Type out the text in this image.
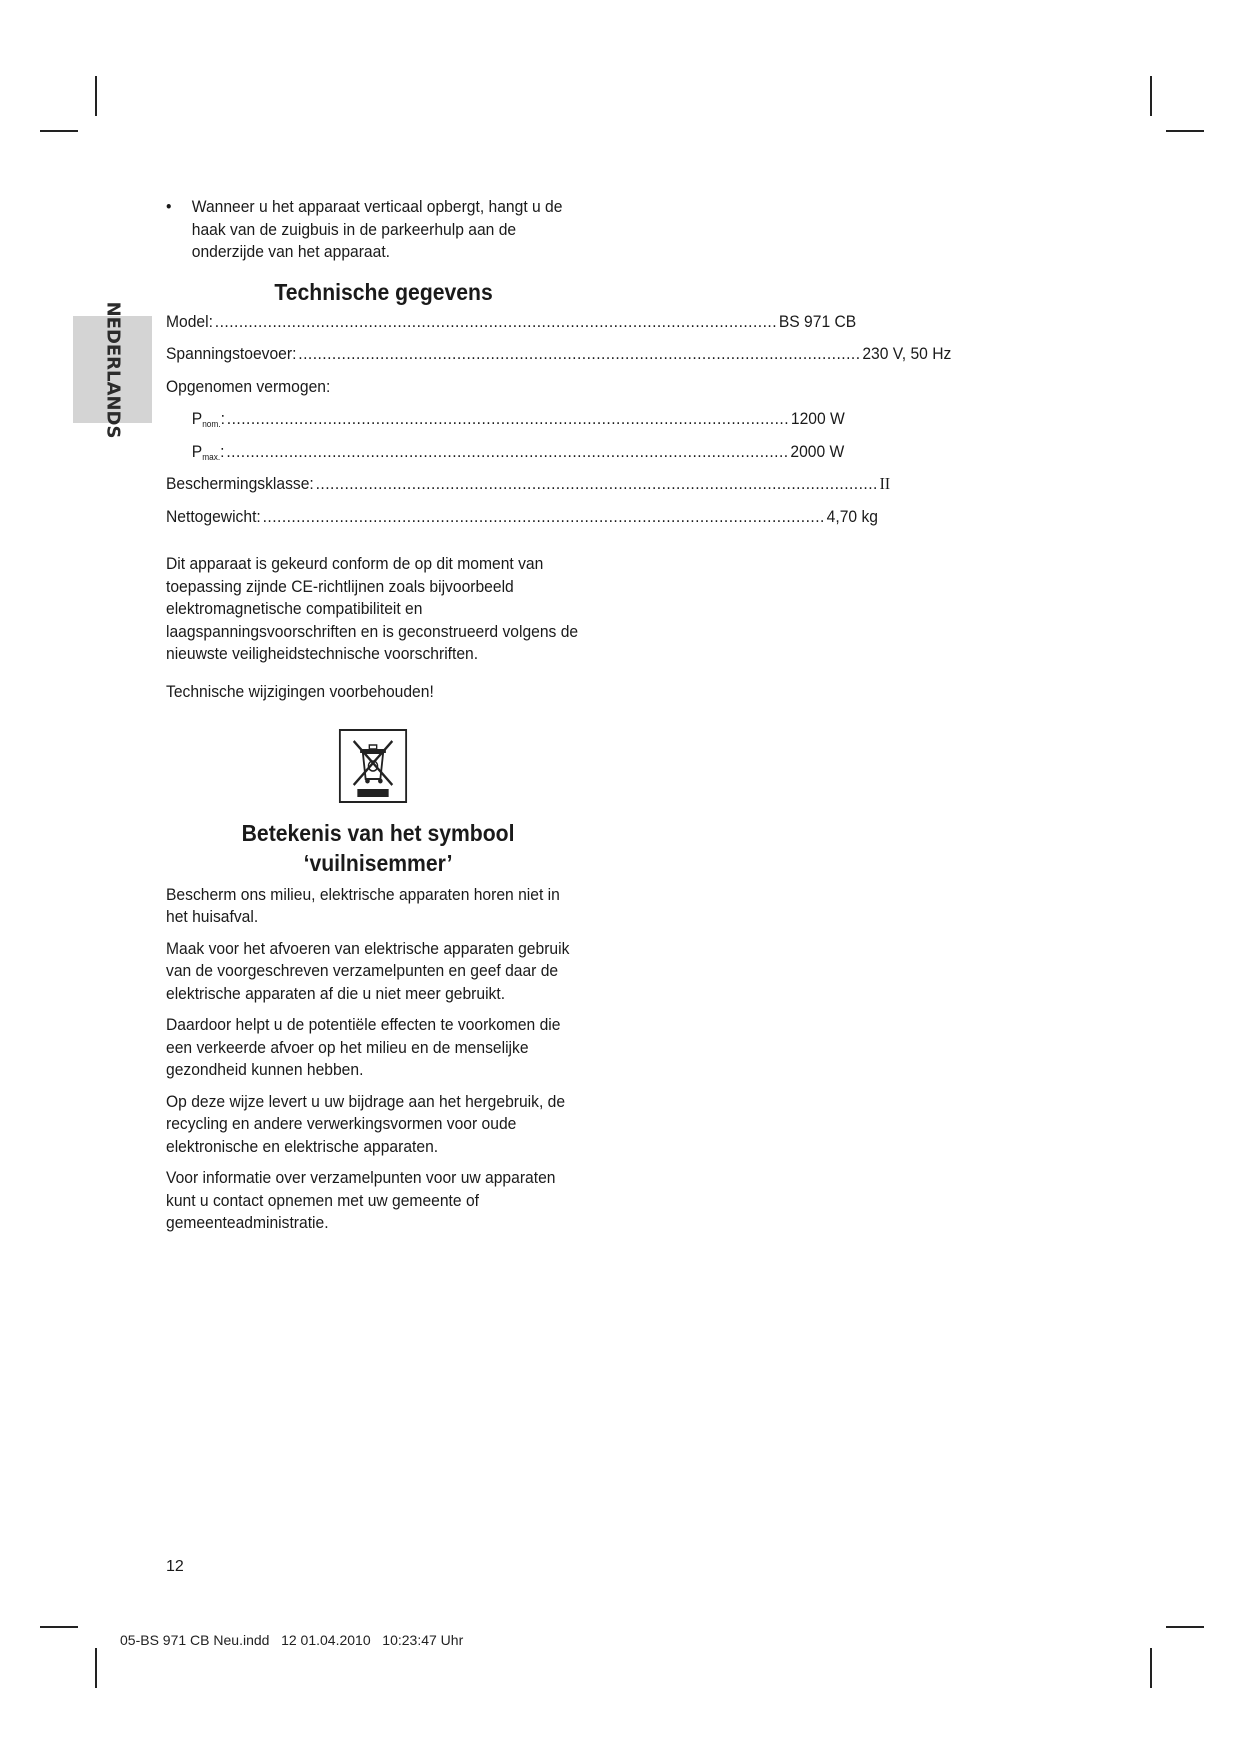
NEDERLANDS

• Wanneer u het apparaat verticaal opbergt, hangt u de haak van de zuigbuis in de parkeerhulp aan de onderzijde van het apparaat.

Technische gegevens
Model: ..................................................................................................................... BS 971 CB
Spanningstoevoer: ..................................................................................................................... 230 V, 50 Hz
Opgenomen vermogen:
$P_{nom.}$: ..................................................................................................................... 1200 W
$P_{max.}$: ..................................................................................................................... 2000 W
Beschermingsklasse: ..................................................................................................................... II
Nettogewicht: ..................................................................................................................... 4,70 kg

Dit apparaat is gekeurd conform de op dit moment van toepassing zijnde CE-richtlijnen zoals bijvoorbeeld elektromagnetische compatibiliteit en laagspanningsvoorschriften en is geconstrueerd volgens de nieuwste veiligheidstechnische voorschriften.

Technische wijzigingen voorbehouden!

Betekenis van het symbool ‘vuilnisemmer’

Bescherm ons milieu, elektrische apparaten horen niet in het huisafval.

Maak voor het afvoeren van elektrische apparaten gebruik van de voorgeschreven verzamelpunten en geef daar de elektrische apparaten af die u niet meer gebruikt.

Daardoor helpt u de potentiële effecten te voorkomen die een verkeerde afvoer op het milieu en de menselijke gezondheid kunnen hebben.

Op deze wijze levert u uw bijdrage aan het hergebruik, de recycling en andere verwerkingsvormen voor oude elektronische en elektrische apparaten.

Voor informatie over verzamelpunten voor uw apparaten kunt u contact opnemen met uw gemeente of gemeenteadministratie.

12
05-BS 971 CB Neu.indd   12 01.04.2010   10:23:47 Uhr
